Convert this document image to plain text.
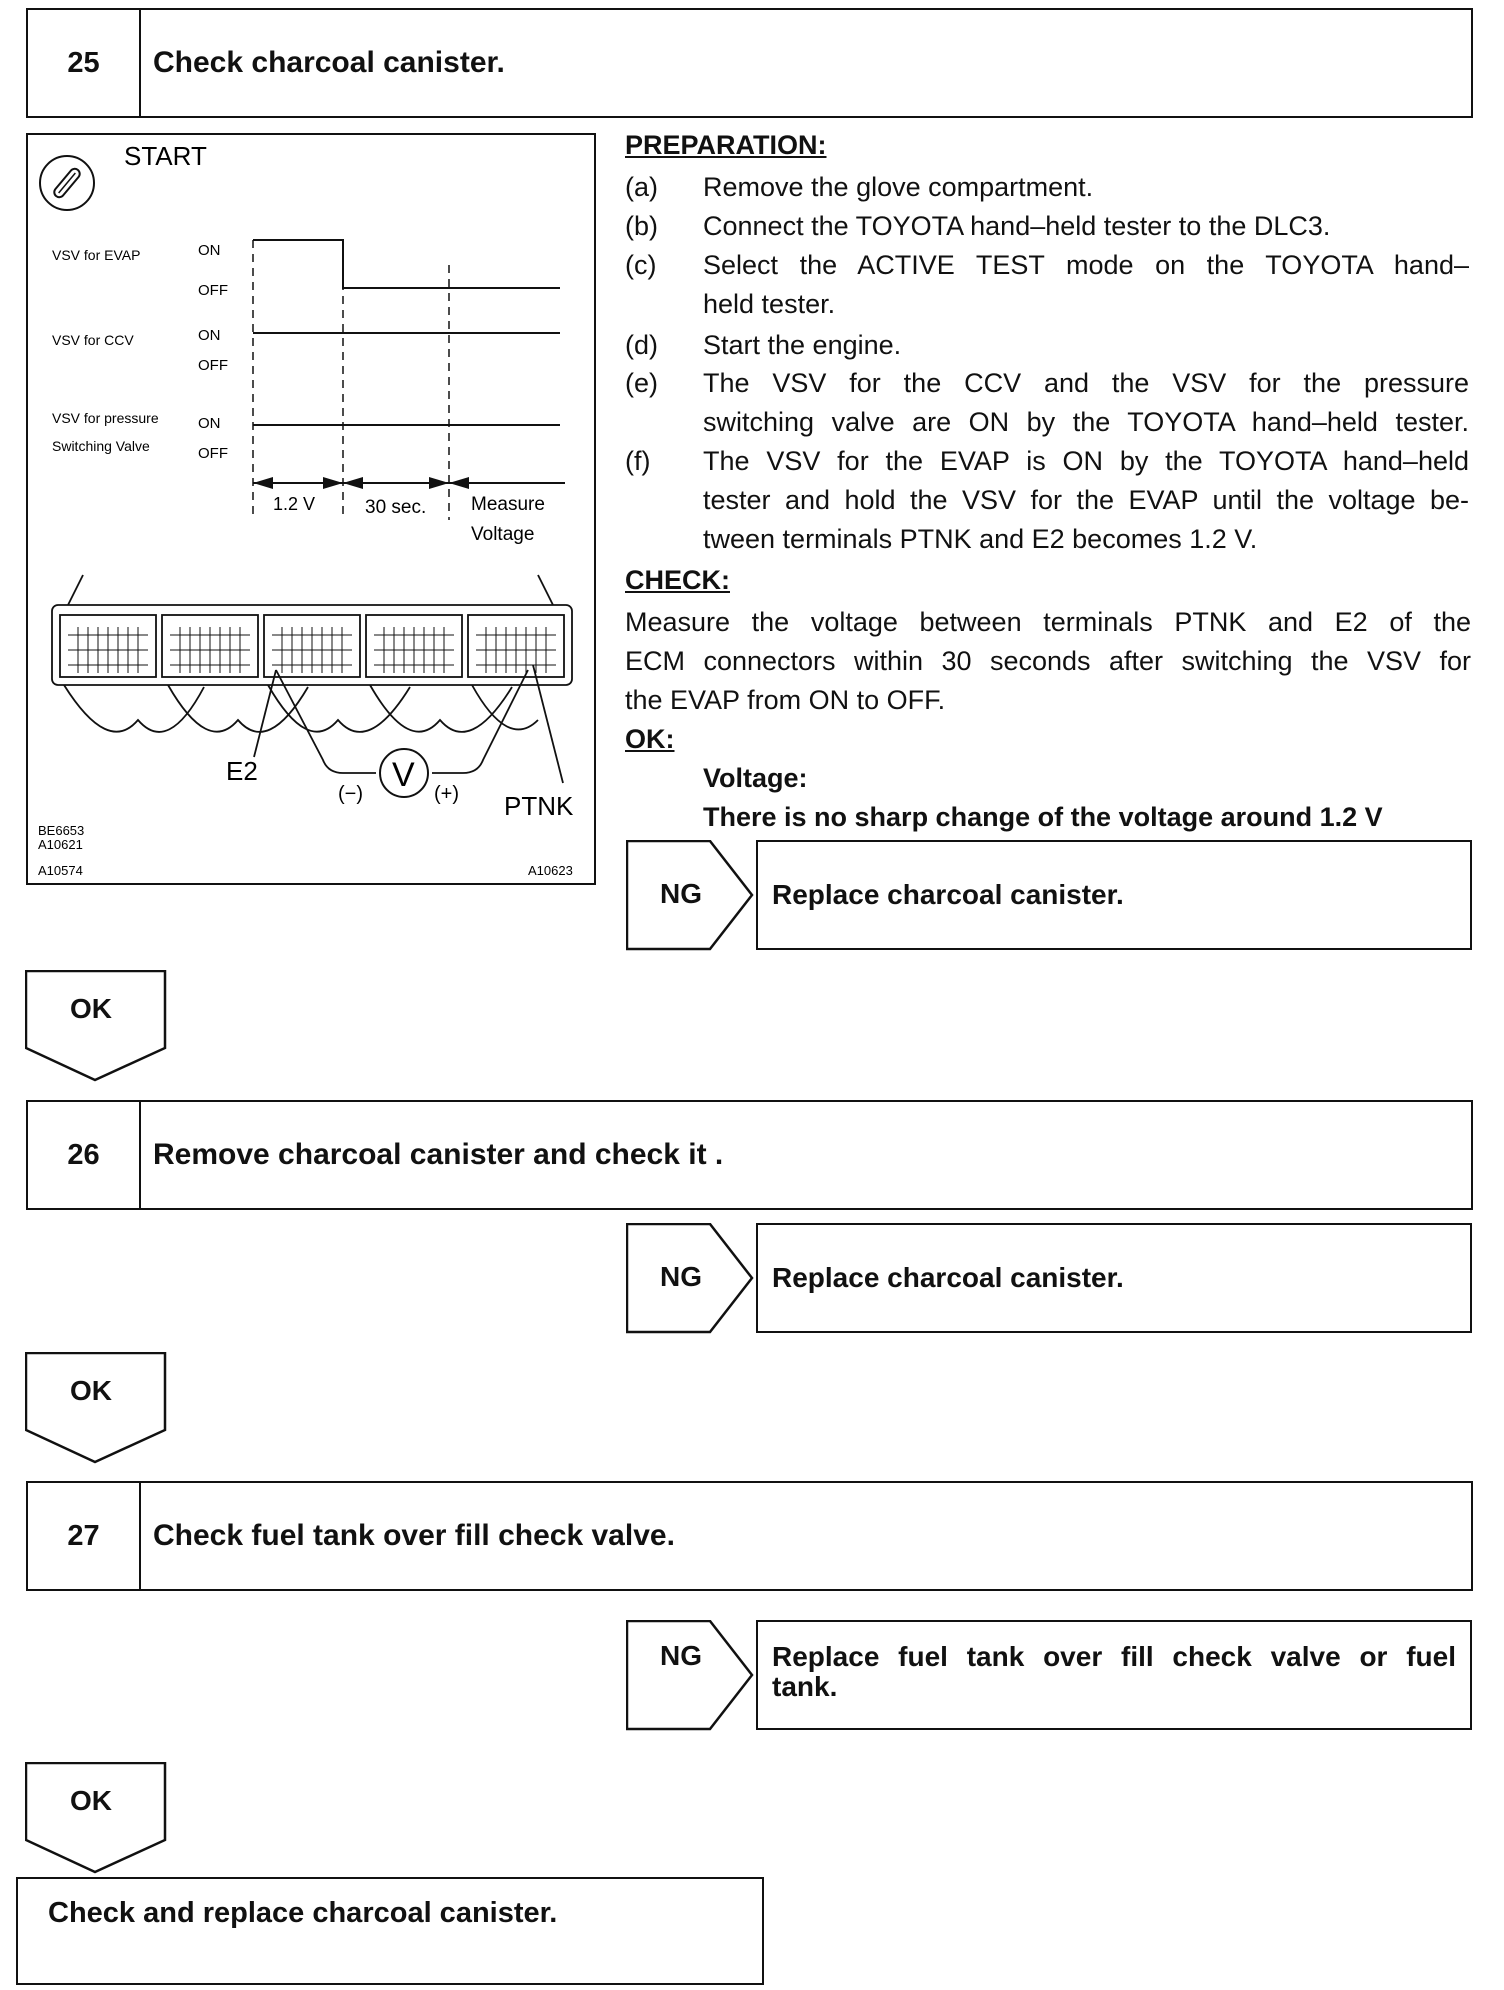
25	Check charcoal canister.
START
VSV for EVAP	ON
OFF
VSV for CCV	ON
OFF
VSV for pressure
Switching Valve
ON
OFF
1.2 V	30 sec. Measure
Voltage
V
(−)	(+)
E2
PTNK
BE6653
A10621
A10574	A10623
PREPARATION:
(a) Remove the glove compartment.
(b) Connect the TOYOTA hand–held tester to the DLC3.
(c) Select the ACTIVE TEST mode on the TOYOTA hand–
held tester.
(d) Start the engine.
(e) The VSV for the CCV and the VSV for the pressure
switching valve are ON by the TOYOTA hand–held tester.
(f) The VSV for the EVAP is ON by the TOYOTA hand–held
tester and hold the VSV for the EVAP until the voltage be-
tween terminals PTNK and E2 becomes 1.2 V.
CHECK:
Measure the voltage between terminals PTNK and E2 of the
ECM connectors within 30 seconds after switching the VSV for
the EVAP from ON to OFF.
OK:
Voltage:
There is no sharp change of the voltage around 1.2 V
NG	Replace charcoal canister.
OK
26	Remove charcoal canister and check it .
NG	Replace charcoal canister.
OK
27	Check fuel tank over fill check valve.
NG	Replace fuel tank over fill check valve or fuel
tank.
OK
Check and replace charcoal canister.
